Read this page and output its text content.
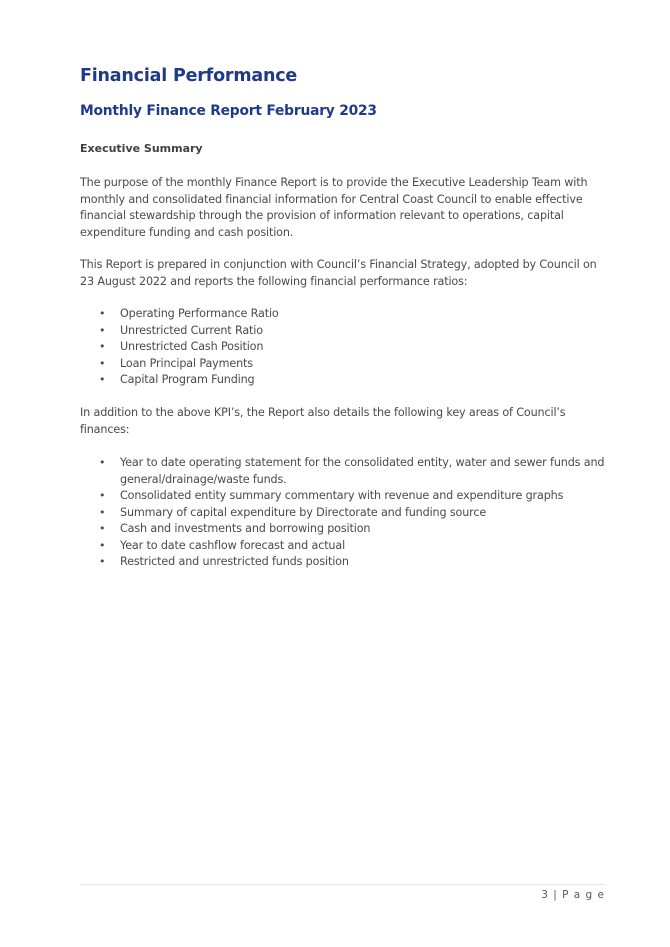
Financial Performance
Monthly Finance Report February 2023
Executive Summary

The purpose of the monthly Finance Report is to provide the Executive Leadership Team with monthly and consolidated financial information for Central Coast Council to enable effective financial stewardship through the provision of information relevant to operations, capital expenditure funding and cash position.

This Report is prepared in conjunction with Council’s Financial Strategy, adopted by Council on 23 August 2022 and reports the following financial performance ratios:

• Operating Performance Ratio
• Unrestricted Current Ratio
• Unrestricted Cash Position
• Loan Principal Payments
• Capital Program Funding

In addition to the above KPI’s, the Report also details the following key areas of Council’s finances:

• Year to date operating statement for the consolidated entity, water and sewer funds and general/drainage/waste funds.
• Consolidated entity summary commentary with revenue and expenditure graphs
• Summary of capital expenditure by Directorate and funding source
• Cash and investments and borrowing position
• Year to date cashflow forecast and actual
• Restricted and unrestricted funds position
3 | P a g e
